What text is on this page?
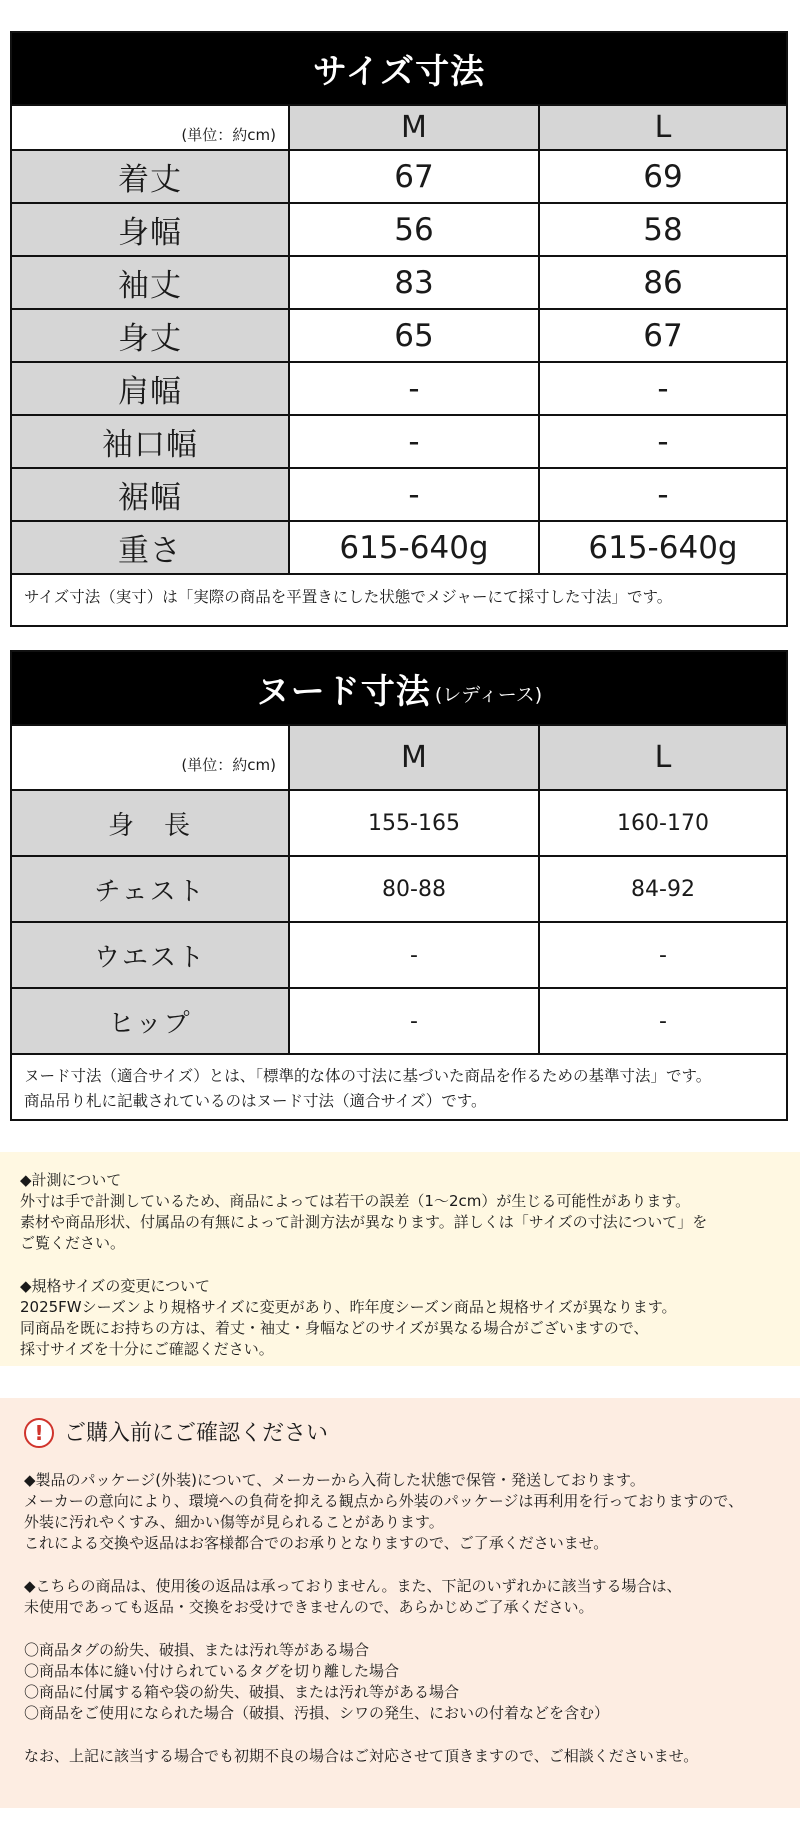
サイズ寸法
(単位：約cm)	M	L
着丈	67	69
身幅	56	58
袖丈	83	86
身丈	65	67
肩幅	-	-
袖口幅	-	-
裾幅	-	-
重さ	615-640g	615-640g
サイズ寸法（実寸）は「実際の商品を平置きにした状態でメジャーにて採寸した寸法」です。
ヌード寸法 (レディース)
(単位：約cm)	M	L
身　長	155-165	160-170
チェスト	80-88	84-92
ウエスト	-	-
ヒップ	-	-
ヌード寸法（適合サイズ）とは、「標準的な体の寸法に基づいた商品を作るための基準寸法」です。
商品吊り札に記載されているのはヌード寸法（適合サイズ）です。
◆計測について
外寸は手で計測しているため、商品によっては若干の誤差（1〜2cm）が生じる可能性があります。
素材や商品形状、付属品の有無によって計測方法が異なります。詳しくは「サイズの寸法について」を
ご覧ください。
◆規格サイズの変更について
2025FWシーズンより規格サイズに変更があり、昨年度シーズン商品と規格サイズが異なります。
同商品を既にお持ちの方は、着丈・袖丈・身幅などのサイズが異なる場合がございますので、
採寸サイズを十分にご確認ください。
! ご購入前にご確認ください
◆製品のパッケージ(外装)について、メーカーから入荷した状態で保管・発送しております。
メーカーの意向により、環境への負荷を抑える観点から外装のパッケージは再利用を行っておりますので、
外装に汚れやくすみ、細かい傷等が見られることがあります。
これによる交換や返品はお客様都合でのお承りとなりますので、ご了承くださいませ。
◆こちらの商品は、使用後の返品は承っておりません。また、下記のいずれかに該当する場合は、
未使用であっても返品・交換をお受けできませんので、あらかじめご了承ください。
〇商品タグの紛失、破損、または汚れ等がある場合
〇商品本体に縫い付けられているタグを切り離した場合
〇商品に付属する箱や袋の紛失、破損、または汚れ等がある場合
〇商品をご使用になられた場合（破損、汚損、シワの発生、においの付着などを含む）
なお、上記に該当する場合でも初期不良の場合はご対応させて頂きますので、ご相談くださいませ。
